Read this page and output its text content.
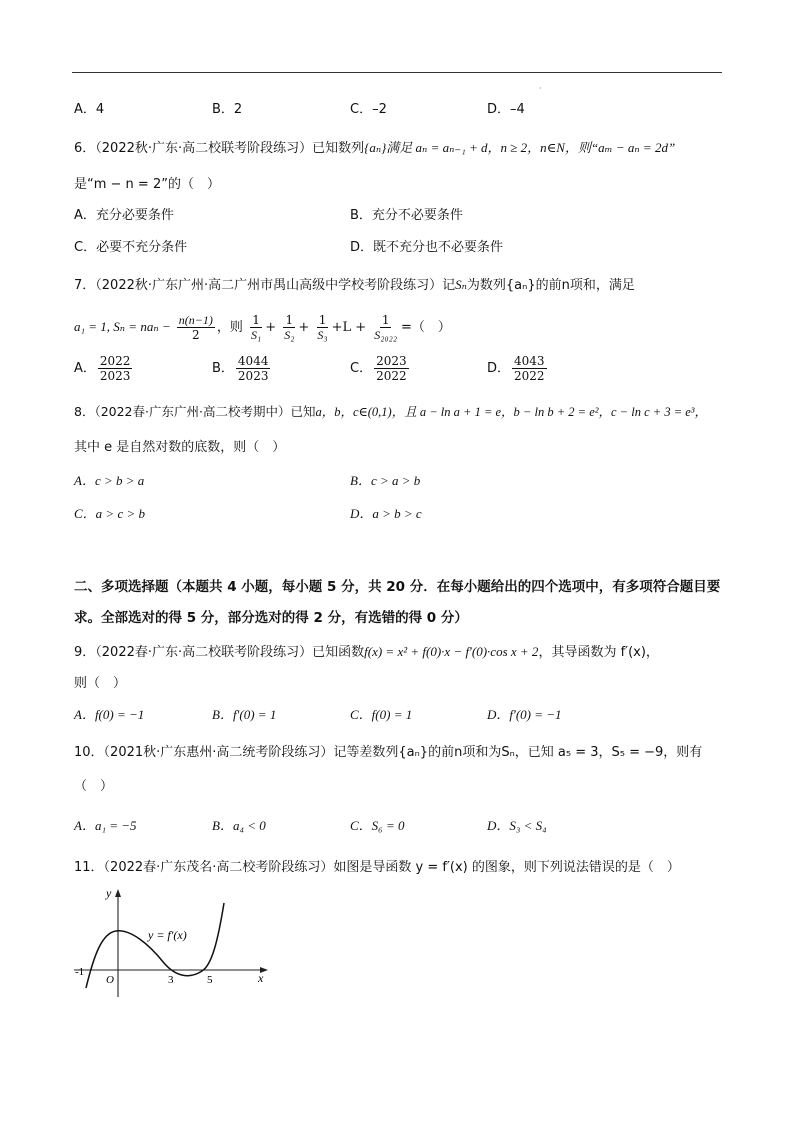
·
A．4	B．2	C．–2	D．–4
6．（2022秋·广东·高二校联考阶段练习）已知数列{aₙ}满足 aₙ = aₙ₋₁ + d，n ≥ 2，n∈N，则“aₘ − aₙ = 2d”
是“m − n = 2”的（　）
A．充分必要条件	B．充分不必要条件
C．必要不充分条件	D．既不充分也不必要条件
7．（2022秋·广东广州·高二广州市禺山高级中学校考阶段练习）记Sₙ为数列{aₙ}的前n项和，满足
a₁ = 1, $S_n = na_n - \frac{n(n-1)}{2}$ ，则 $\frac{1}{\text{S₁}} + \frac{1}{\text{S₂}} + \frac{1}{\text{S₃}} +L + \frac{1}{\text{S₂₀₂₂}}$ =（　）
A． $\frac{2022}{2023}$	B． $\frac{4044}{2023}$	C． $\frac{2023}{2022}$	D． $\frac{4043}{2022}$
8．（2022春·广东广州·高二校考期中）已知a，b，c∈(0,1)，且 a − ln a + 1 = e，b − ln b + 2 = e²，c − ln c + 3 = e³，
其中 e 是自然对数的底数，则（　）
A．c > b > a	B．c > a > b
C．a > c > b	D．a > b > c
二、多项选择题（本题共 4 小题，每小题 5 分，共 20 分．在每小题给出的四个选项中，有多项符合题目要
求。全部选对的得 5 分，部分选对的得 2 分，有选错的得 0 分）
9．（2022春·广东·高二校联考阶段练习）已知函数f(x) = x² + f(0)·x − f′(0)·cos x + 2，其导函数为 f′(x)，
则（　）
A．f(0) = −1	B．f′(0) = 1	C．f(0) = 1	D．f′(0) = −1
10．（2021秋·广东惠州·高二统考阶段练习）记等差数列{aₙ}的前n项和为Sₙ，已知 a₅ = 3，S₅ = −9，则有
（　）
A．a₁ = −5	B．a₄ < 0	C．S₆ = 0	D．S₃ < S₄
11．（2022春·广东茂名·高二校考阶段练习）如图是导函数 y = f′(x) 的图象，则下列说法错误的是（　）
y
x
y = f′(x)
-1
O	3	5
